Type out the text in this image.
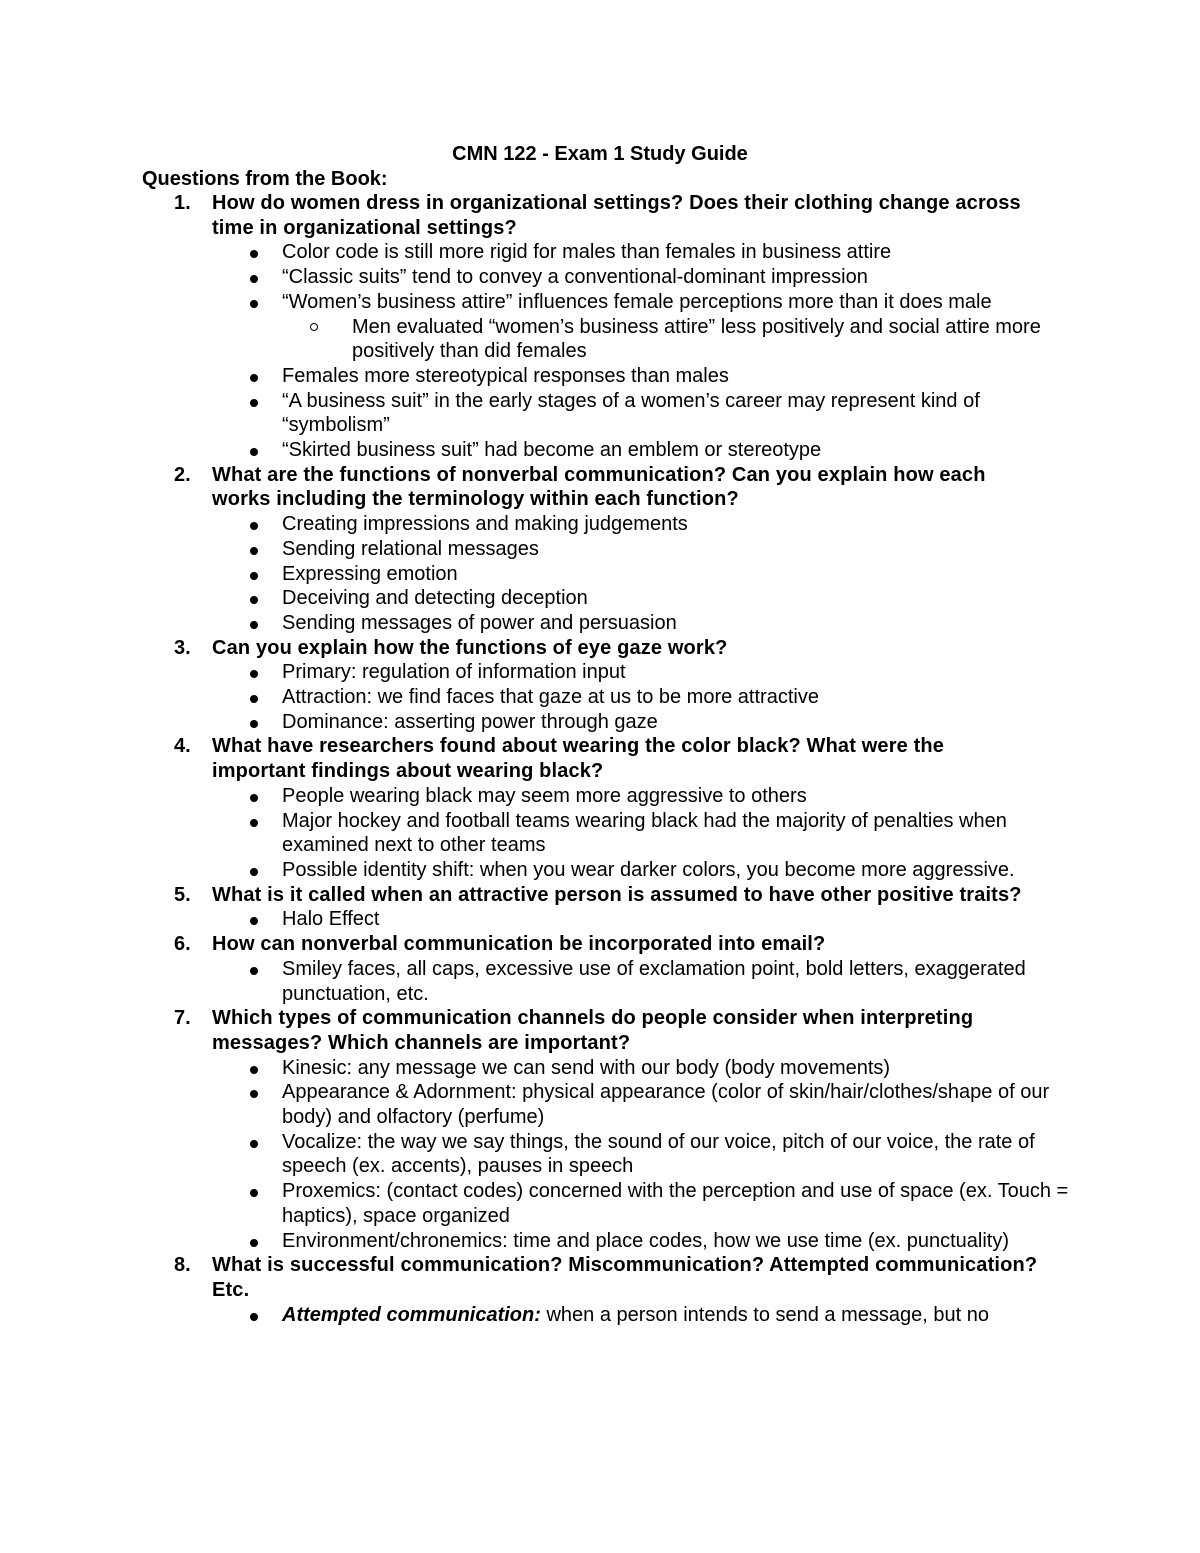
CMN 122 - Exam 1 Study Guide
Questions from the Book:
1. How do women dress in organizational settings? Does their clothing change across time in organizational settings?
Color code is still more rigid for males than females in business attire
“Classic suits” tend to convey a conventional-dominant impression
“Women’s business attire” influences female perceptions more than it does male
Men evaluated “women’s business attire” less positively and social attire more positively than did females
Females more stereotypical responses than males
“A business suit” in the early stages of a women’s career may represent kind of “symbolism”
“Skirted business suit” had become an emblem or stereotype
2. What are the functions of nonverbal communication? Can you explain how each works including the terminology within each function?
Creating impressions and making judgements
Sending relational messages
Expressing emotion
Deceiving and detecting deception
Sending messages of power and persuasion
3. Can you explain how the functions of eye gaze work?
Primary: regulation of information input
Attraction: we find faces that gaze at us to be more attractive
Dominance: asserting power through gaze
4. What have researchers found about wearing the color black? What were the important findings about wearing black?
People wearing black may seem more aggressive to others
Major hockey and football teams wearing black had the majority of penalties when examined next to other teams
Possible identity shift: when you wear darker colors, you become more aggressive.
5. What is it called when an attractive person is assumed to have other positive traits?
Halo Effect
6. How can nonverbal communication be incorporated into email?
Smiley faces, all caps, excessive use of exclamation point, bold letters, exaggerated punctuation, etc.
7. Which types of communication channels do people consider when interpreting messages? Which channels are important?
Kinesic: any message we can send with our body (body movements)
Appearance & Adornment: physical appearance (color of skin/hair/clothes/shape of our body) and olfactory (perfume)
Vocalize: the way we say things, the sound of our voice, pitch of our voice, the rate of speech (ex. accents), pauses in speech
Proxemics: (contact codes) concerned with the perception and use of space (ex. Touch = haptics), space organized
Environment/chronemics: time and place codes, how we use time (ex. punctuality)
8. What is successful communication? Miscommunication? Attempted communication? Etc.
Attempted communication: when a person intends to send a message, but no
